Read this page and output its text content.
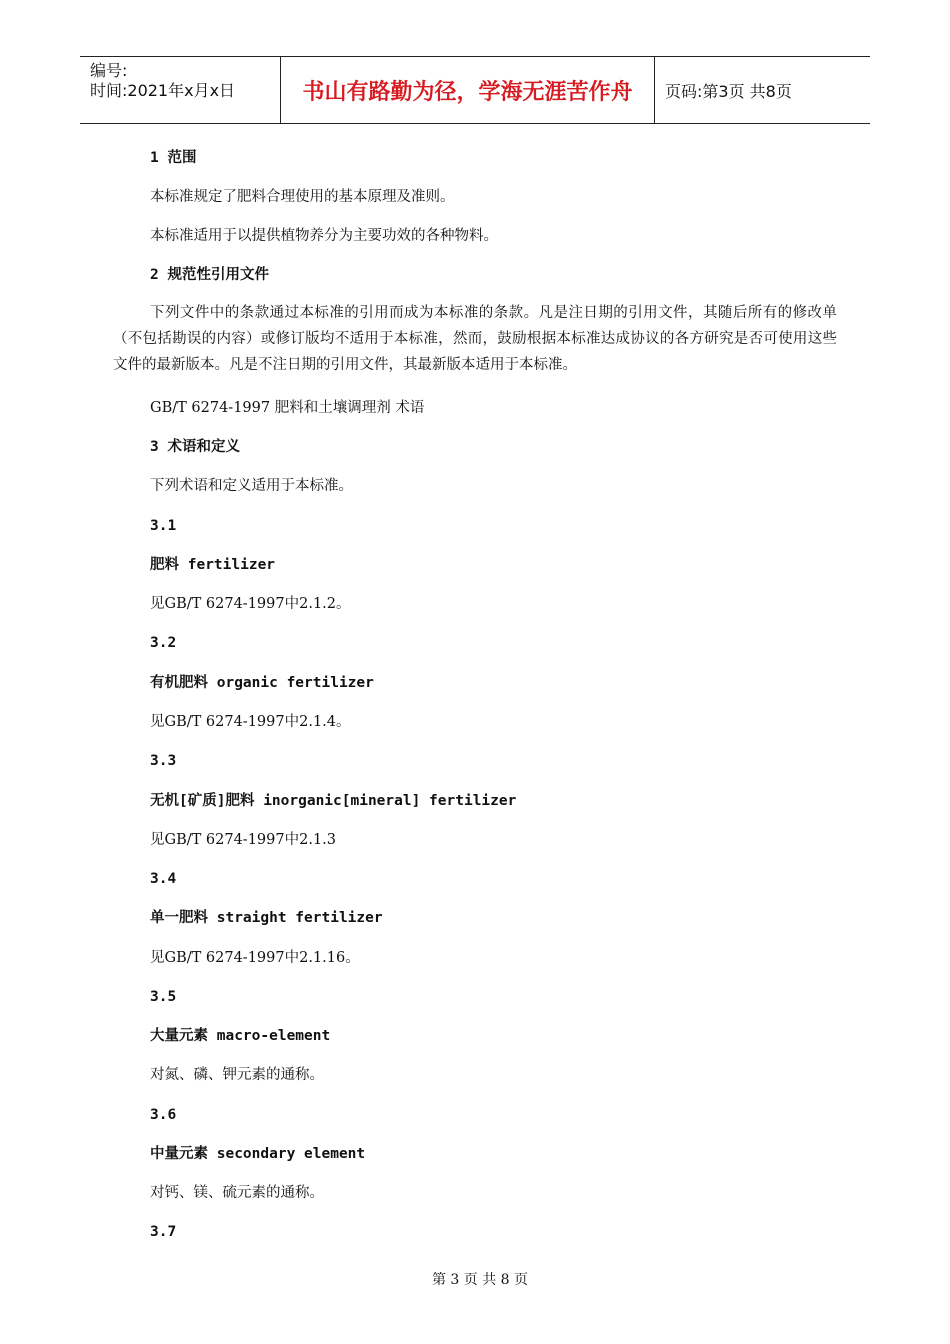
编号:
时间:2021年x月x日	书山有路勤为径，学海无涯苦作舟	页码:第3页 共8页
1 范围
本标准规定了肥料合理使用的基本原理及准则。
本标准适用于以提供植物养分为主要功效的各种物料。
2 规范性引用文件
下列文件中的条款通过本标准的引用而成为本标准的条款。凡是注日期的引用文件，其随后所有的修改单（不包括勘误的内容）或修订版均不适用于本标准，然而，鼓励根据本标准达成协议的各方研究是否可使用这些文件的最新版本。凡是不注日期的引用文件，其最新版本适用于本标准。
GB/T 6274-1997 肥料和土壤调理剂 术语
3 术语和定义
下列术语和定义适用于本标准。
3.1
肥料 fertilizer
见GB/T 6274-1997中2.1.2。
3.2
有机肥料 organic fertilizer
见GB/T 6274-1997中2.1.4。
3.3
无机[矿质]肥料 inorganic[mineral] fertilizer
见GB/T 6274-1997中2.1.3
3.4
单一肥料 straight fertilizer
见GB/T 6274-1997中2.1.16。
3.5
大量元素 macro-element
对氮、磷、钾元素的通称。
3.6
中量元素 secondary element
对钙、镁、硫元素的通称。
3.7
第 3 页 共 8 页
